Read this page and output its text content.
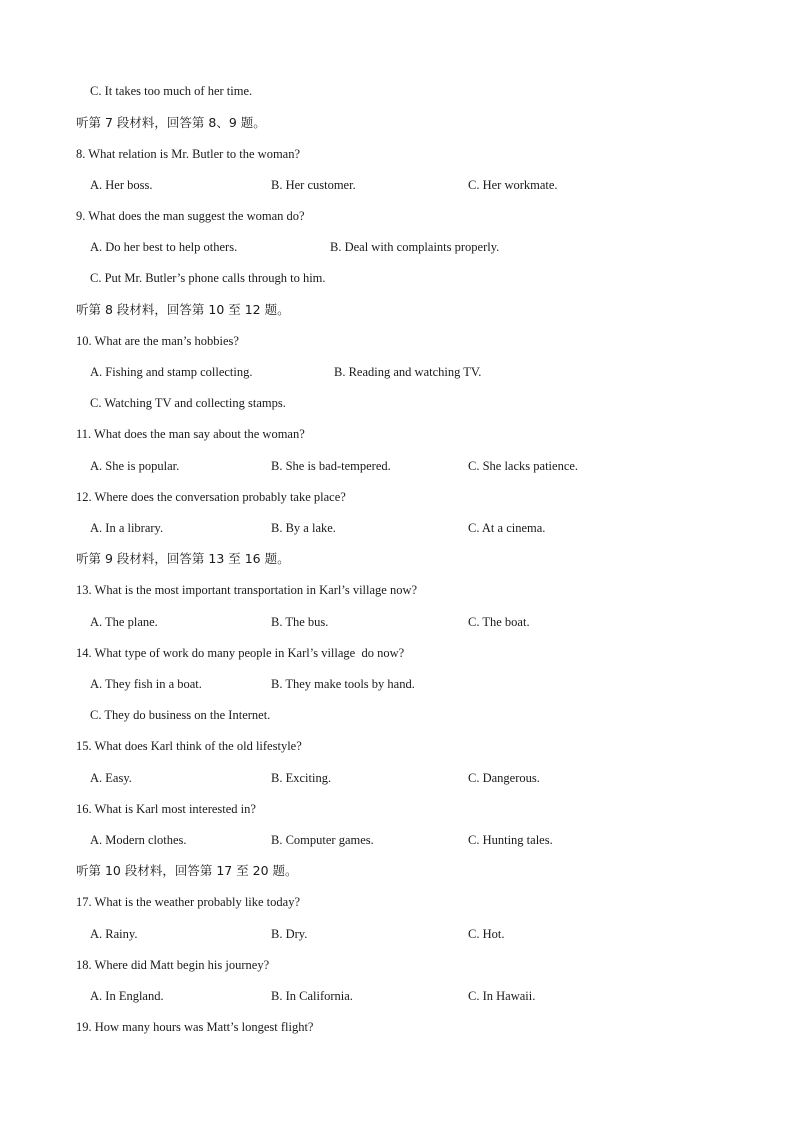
C. It takes too much of her time.
听第 7 段材料，回答第 8、9 题。
8. What relation is Mr. Butler to the woman?
A. Her boss.	B. Her customer.	C. Her workmate.
9. What does the man suggest the woman do?
A. Do her best to help others.	B. Deal with complaints properly.
C. Put Mr. Butler’s phone calls through to him.
听第 8 段材料，回答第 10 至 12 题。
10. What are the man’s hobbies?
A. Fishing and stamp collecting.	B. Reading and watching TV.
C. Watching TV and collecting stamps.
11. What does the man say about the woman?
A. She is popular.	B. She is bad-tempered.	C. She lacks patience.
12. Where does the conversation probably take place?
A. In a library.	B. By a lake.	C. At a cinema.
听第 9 段材料，回答第 13 至 16 题。
13. What is the most important transportation in Karl’s village now?
A. The plane.	B. The bus.	C. The boat.
14. What type of work do many people in Karl’s village  do now?
A. They fish in a boat.	B. They make tools by hand.
C. They do business on the Internet.
15. What does Karl think of the old lifestyle?
A. Easy.	B. Exciting.	C. Dangerous.
16. What is Karl most interested in?
A. Modern clothes.	B. Computer games.	C. Hunting tales.
听第 10 段材料，回答第 17 至 20 题。
17. What is the weather probably like today?
A. Rainy.	B. Dry.	C. Hot.
18. Where did Matt begin his journey?
A. In England.	B. In California.	C. In Hawaii.
19. How many hours was Matt’s longest flight?
